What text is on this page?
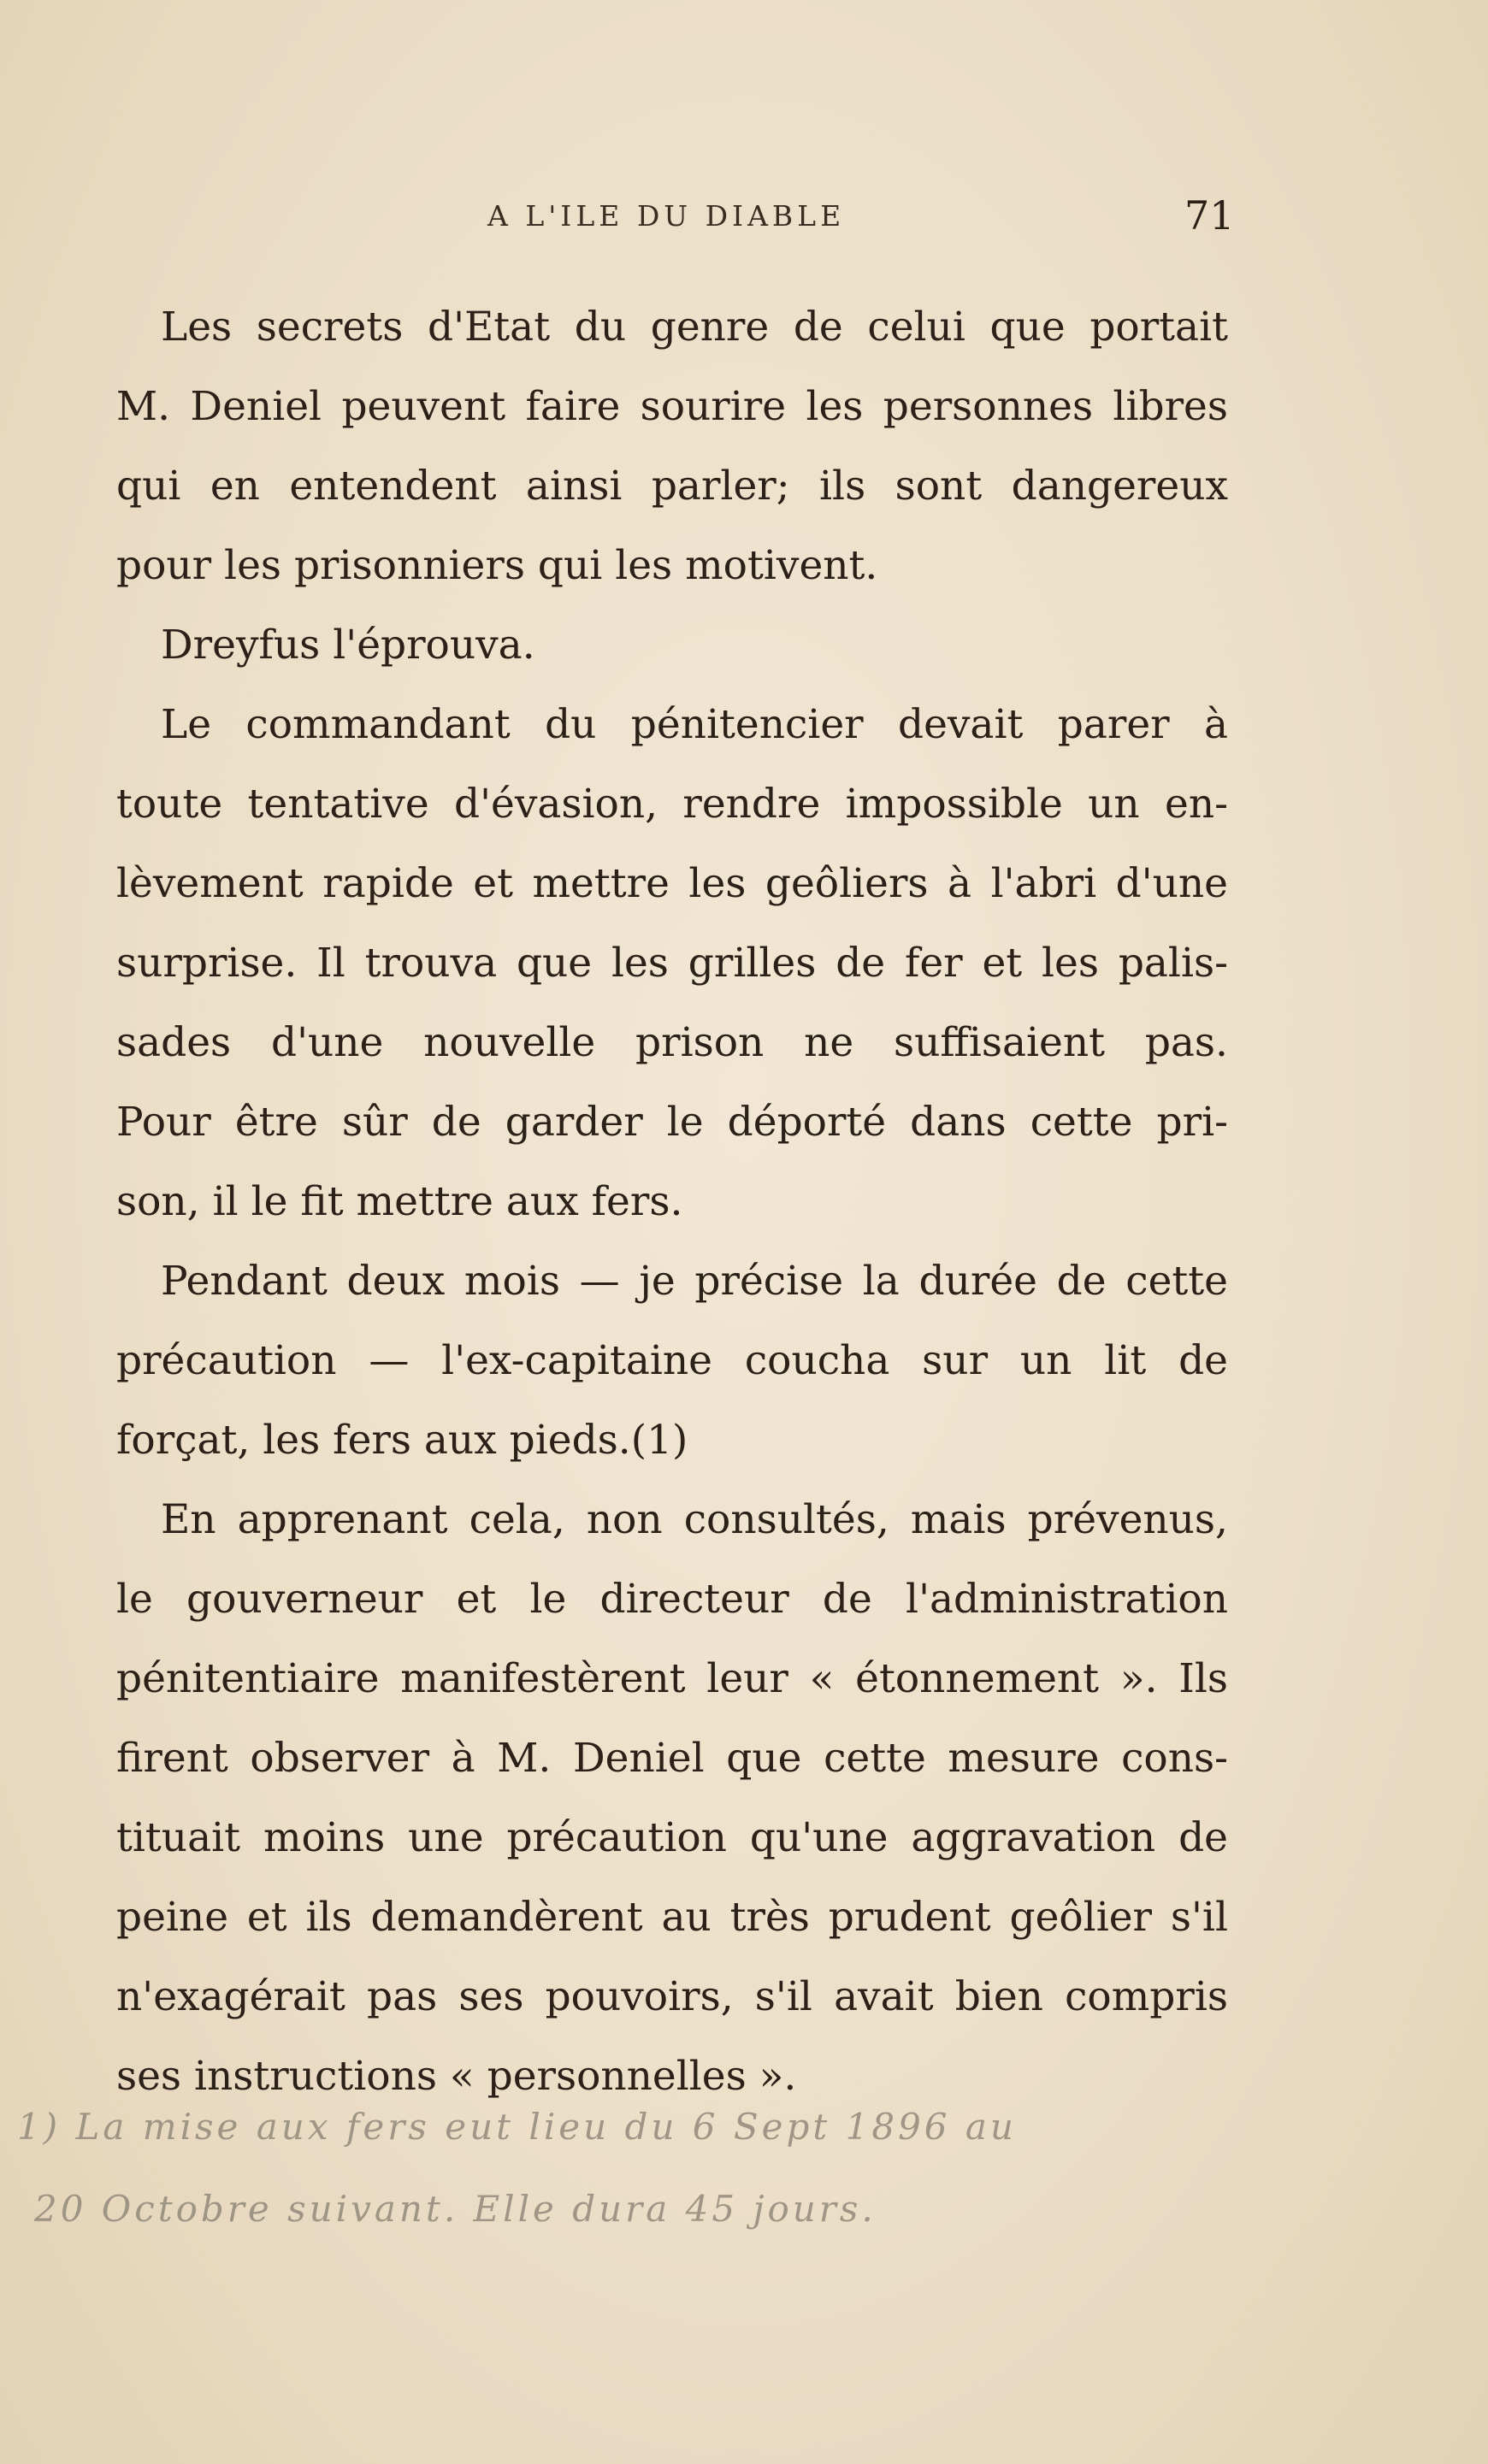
A L'ILE DU DIABLE	71
Les secrets d'Etat du genre de celui que portait
M. Deniel peuvent faire sourire les personnes libres
qui en entendent ainsi parler; ils sont dangereux
pour les prisonniers qui les motivent.
Dreyfus l'éprouva.
Le commandant du pénitencier devait parer à
toute tentative d'évasion, rendre impossible un en-
lèvement rapide et mettre les geôliers à l'abri d'une
surprise. Il trouva que les grilles de fer et les palis-
sades d'une nouvelle prison ne suffisaient pas.
Pour être sûr de garder le déporté dans cette pri-
son, il le fit mettre aux fers.
Pendant deux mois — je précise la durée de cette
précaution — l'ex-capitaine coucha sur un lit de
forçat, les fers aux pieds.(1)
En apprenant cela, non consultés, mais prévenus,
le gouverneur et le directeur de l'administration
pénitentiaire manifestèrent leur « étonnement ». Ils
firent observer à M. Deniel que cette mesure cons-
tituait moins une précaution qu'une aggravation de
peine et ils demandèrent au très prudent geôlier s'il
n'exagérait pas ses pouvoirs, s'il avait bien compris
ses instructions « personnelles ».
1) La mise aux fers eut lieu du 6 Sept 1896 au
20 Octobre suivant. Elle dura 45 jours.
